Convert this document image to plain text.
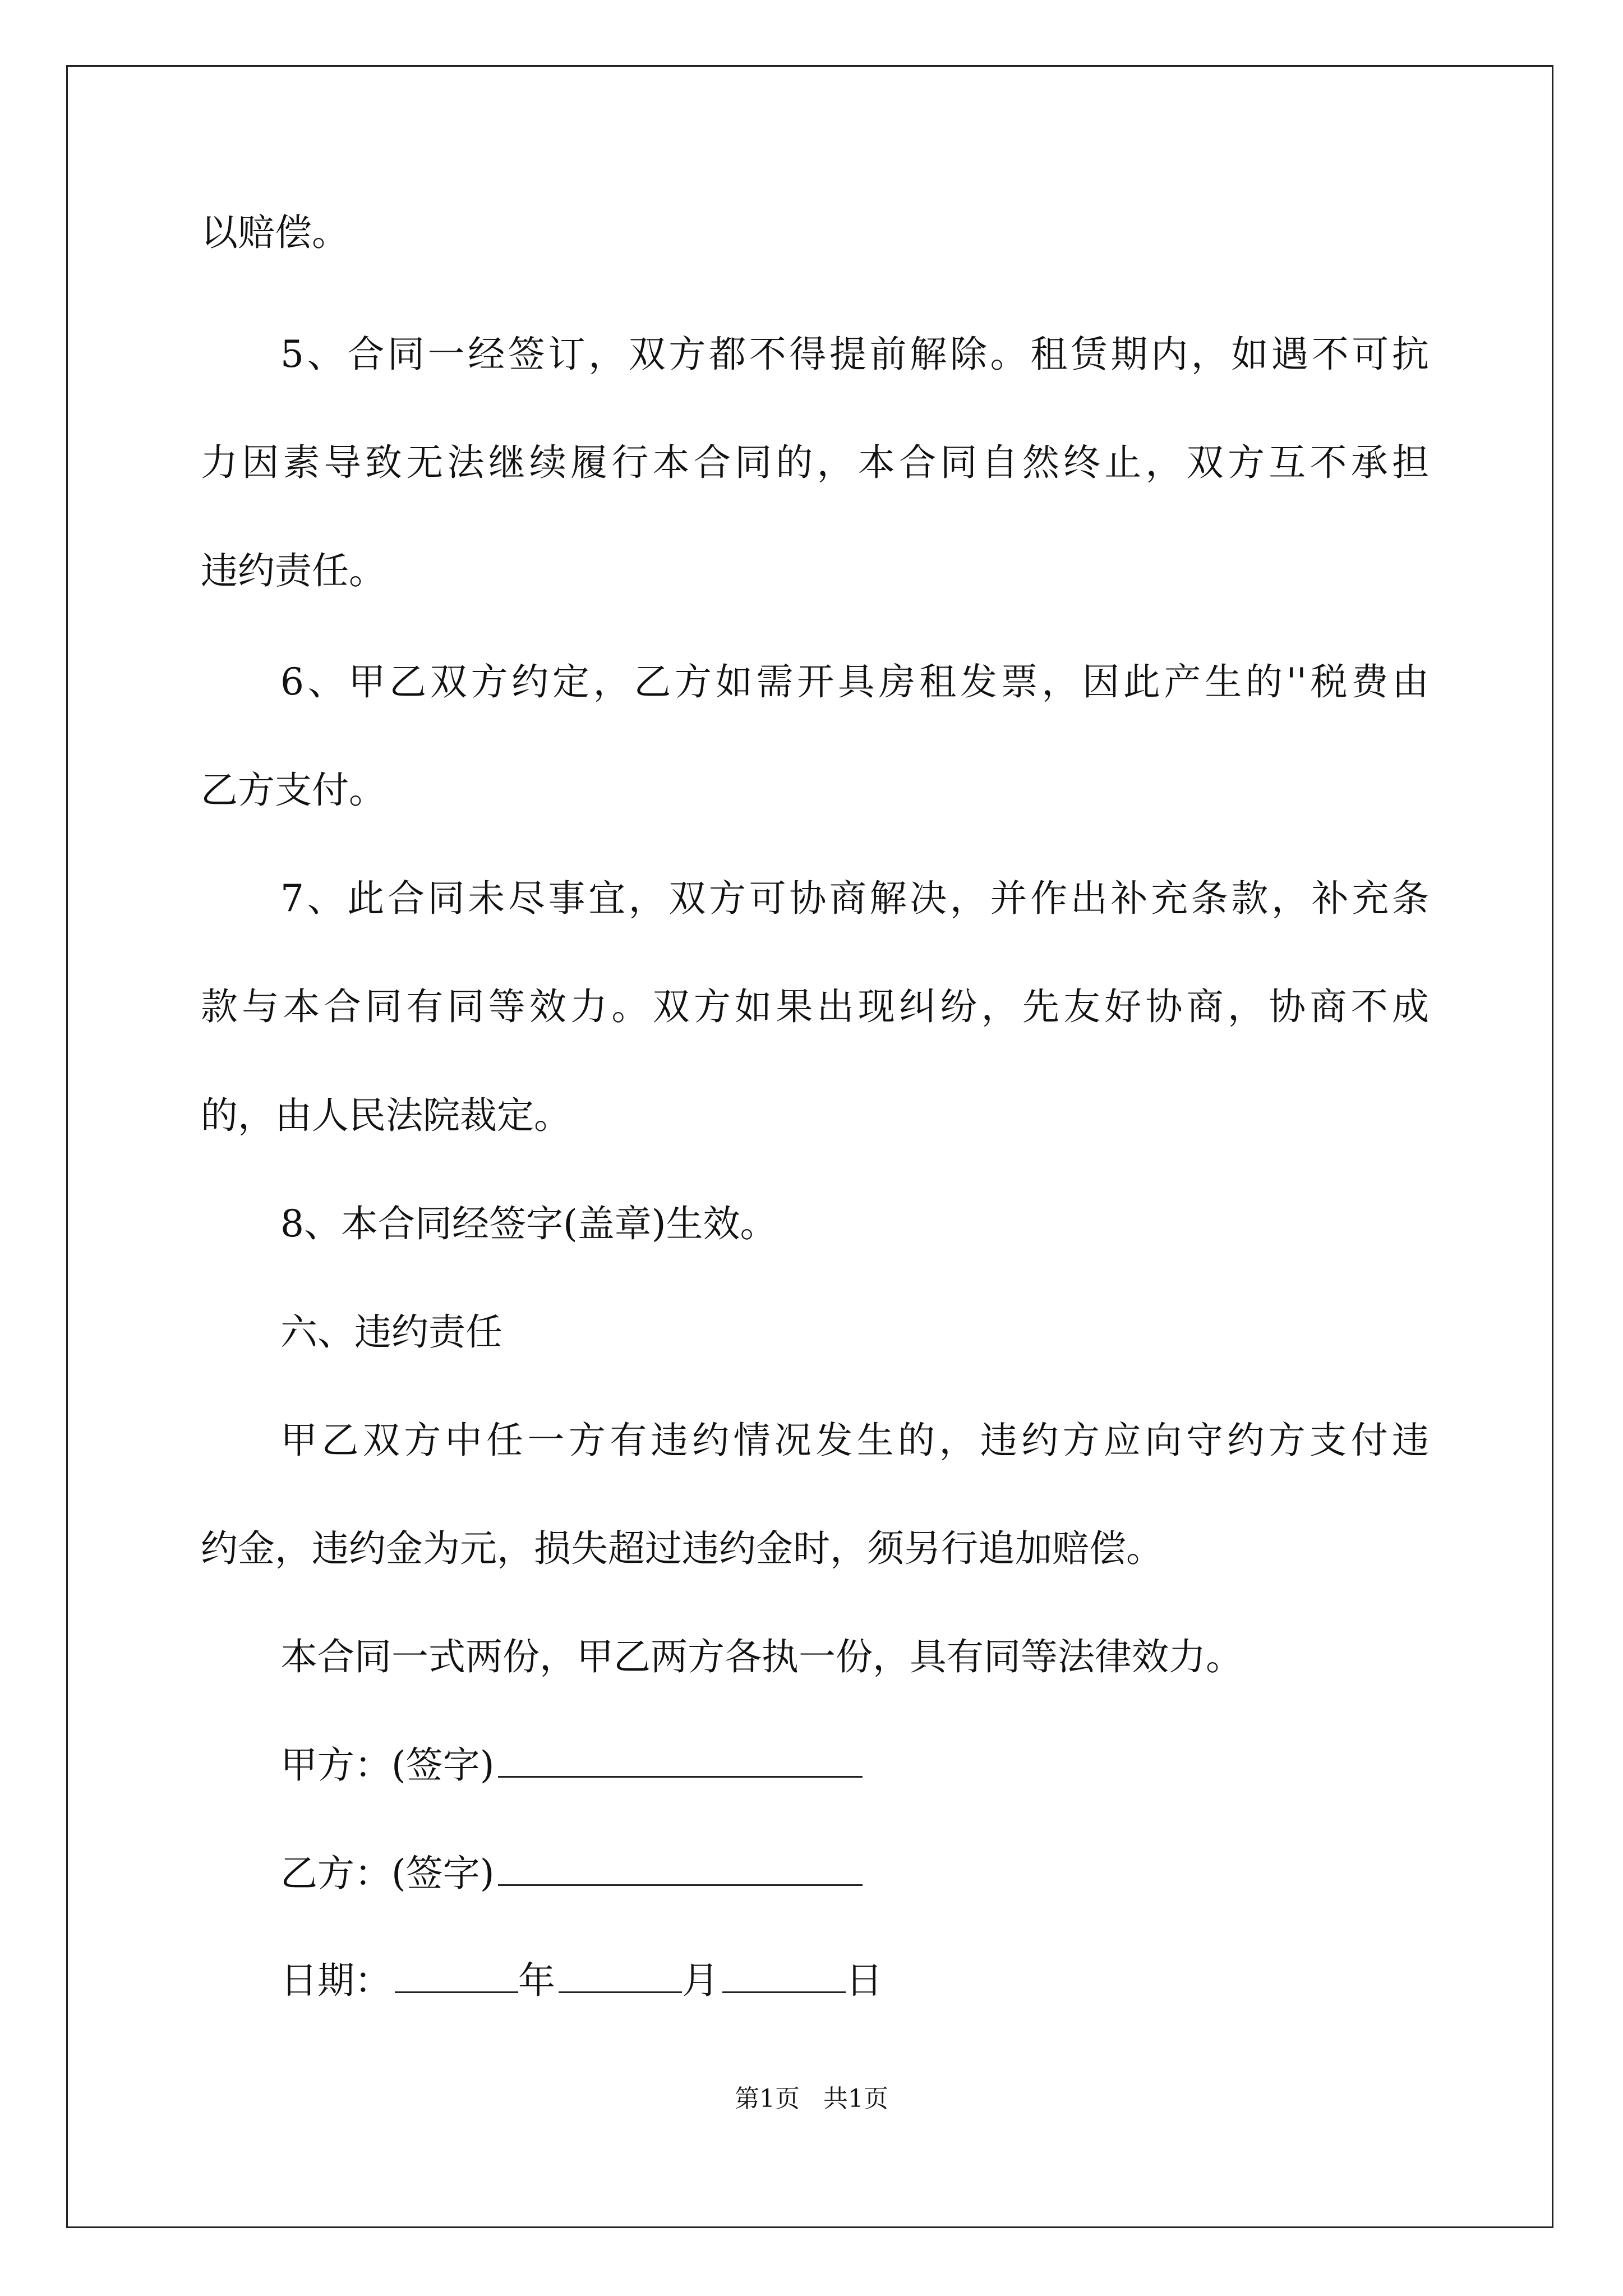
以赔偿。
5、合同一经签订，双方都不得提前解除。租赁期内，如遇不可抗
力因素导致无法继续履行本合同的，本合同自然终止，双方互不承担
违约责任。
6、甲乙双方约定，乙方如需开具房租发票，因此产生的''税费由
乙方支付。
7、此合同未尽事宜，双方可协商解决，并作出补充条款，补充条
款与本合同有同等效力。双方如果出现纠纷，先友好协商，协商不成
的，由人民法院裁定。
8、本合同经签字(盖章)生效。
六、违约责任
甲乙双方中任一方有违约情况发生的，违约方应向守约方支付违
约金，违约金为元，损失超过违约金时，须另行追加赔偿。
本合同一式两份，甲乙两方各执一份，具有同等法律效力。
甲方：(签字)
乙方：(签字)
日期：	年	月	日
第1页   共1页
